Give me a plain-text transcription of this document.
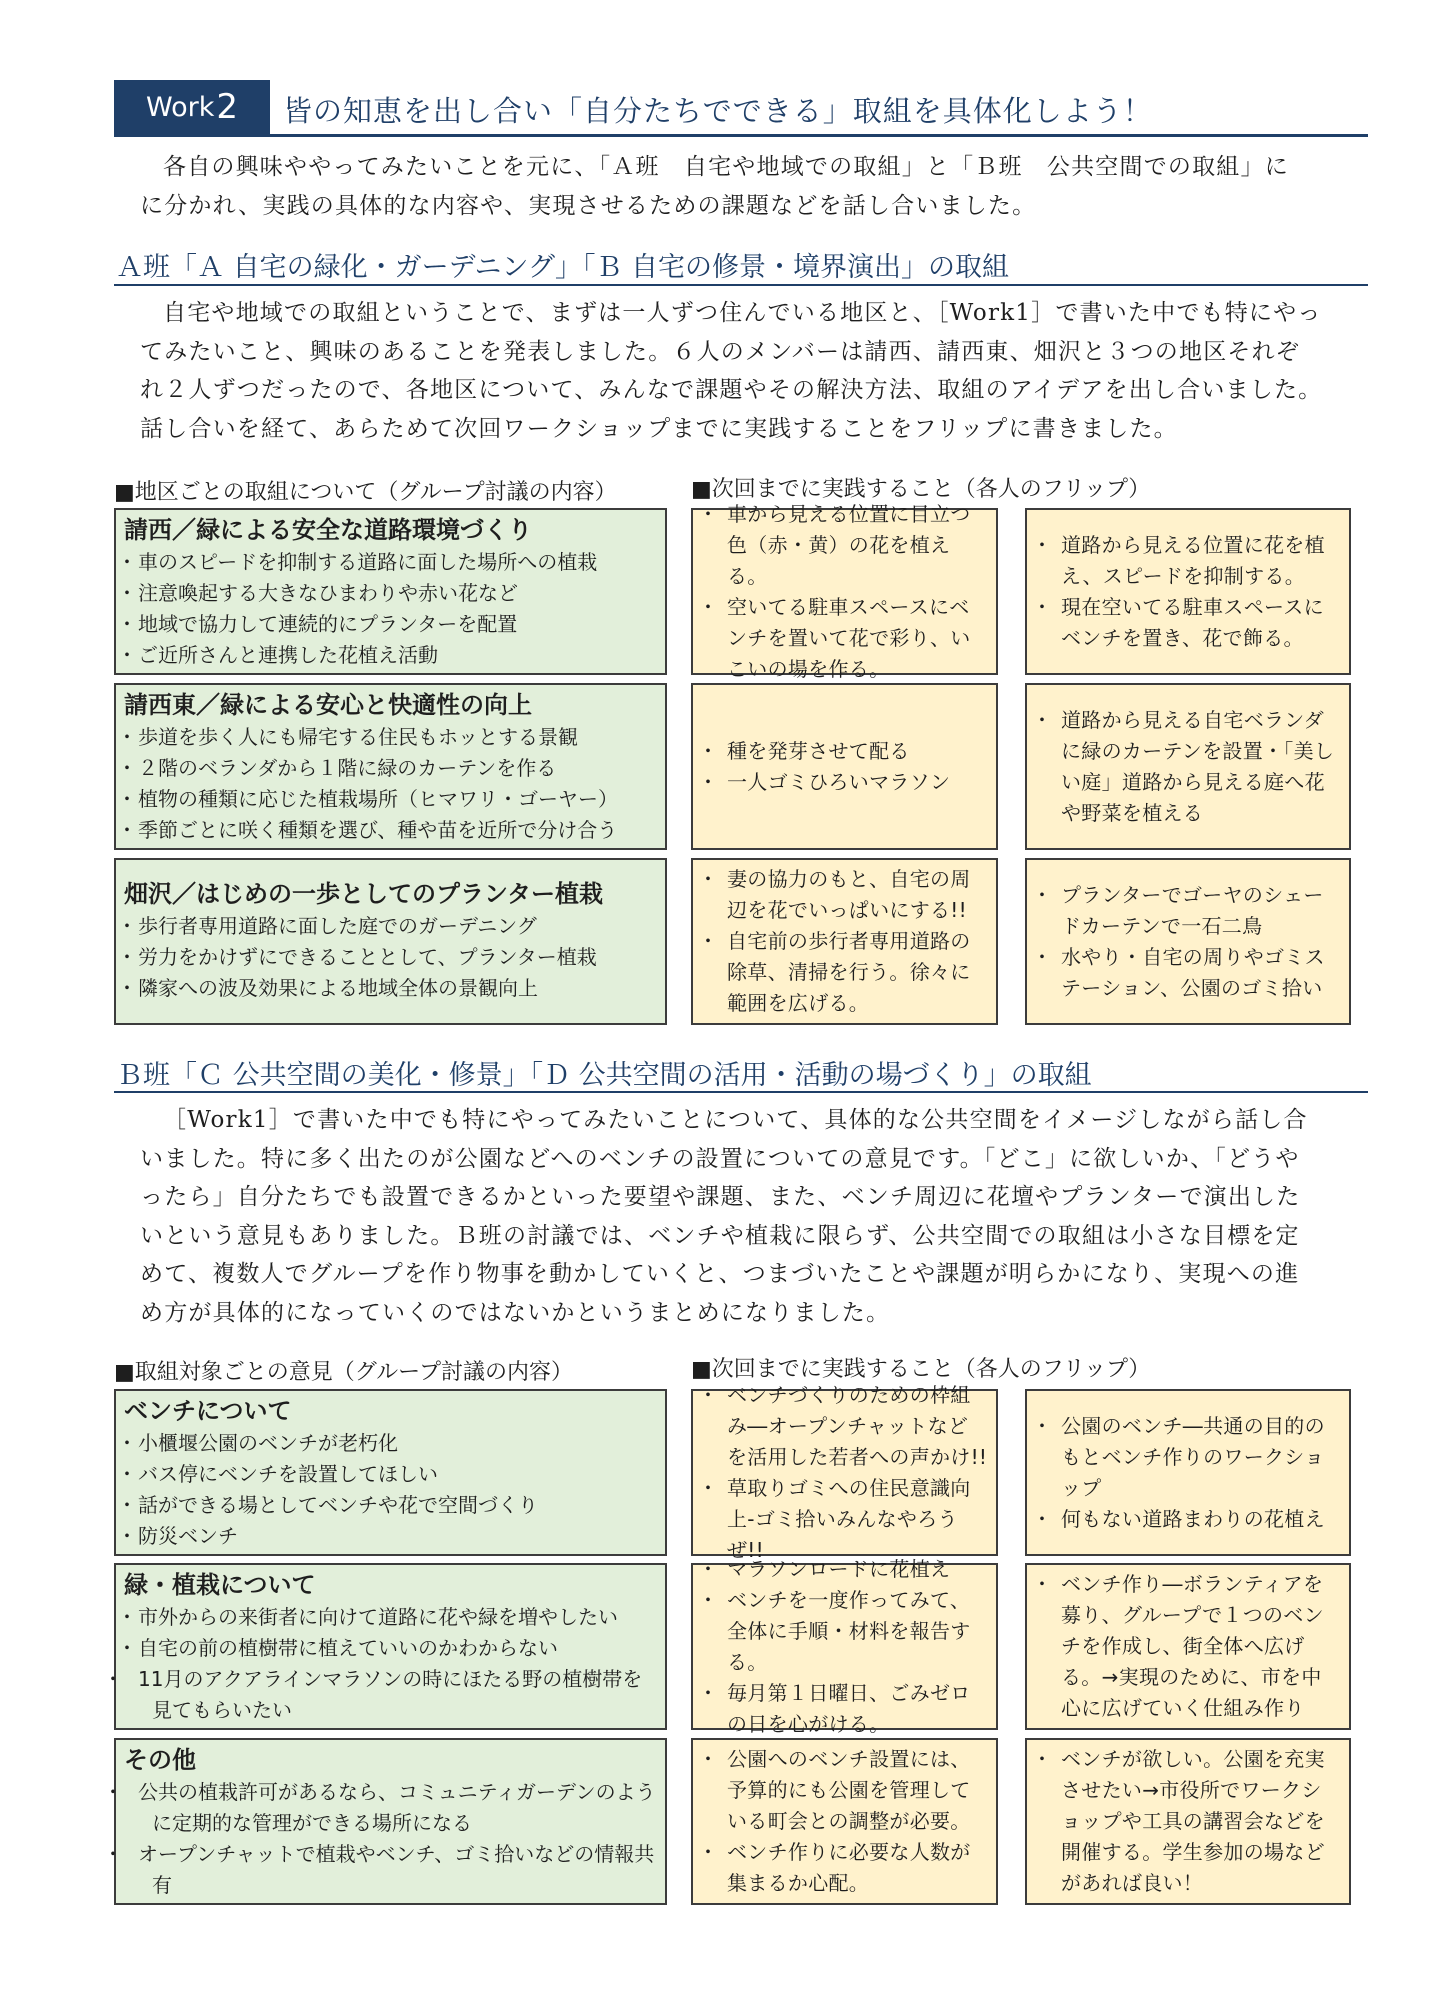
Work 2 皆の知恵を出し合い「自分たちでできる」取組を具体化しよう！

各自の興味ややってみたいことを元に、「Ａ班　自宅や地域での取組」と「Ｂ班　公共空間での取組」に

に分かれ、実践の具体的な内容や、実現させるための課題などを話し合いました。

Ａ班「Ａ 自宅の緑化・ガーデニング」「Ｂ 自宅の修景・境界演出」の取組

自宅や地域での取組ということで、まずは一人ずつ住んでいる地区と、［Work1］で書いた中でも特にやっ

てみたいこと、興味のあることを発表しました。６人のメンバーは請西、請西東、畑沢と３つの地区それぞ

れ２人ずつだったので、各地区について、みんなで課題やその解決方法、取組のアイデアを出し合いました。

話し合いを経て、あらためて次回ワークショップまでに実践することをフリップに書きました。

■地区ごとの取組について（グループ討議の内容）	■次回までに実践すること（各人のフリップ）
請西／緑による安全な道路環境づくり
・ 車のスピードを抑制する道路に面した場所への植栽
・ 注意喚起する大きなひまわりや赤い花など
・ 地域で協力して連続的にプランターを配置
・ ご近所さんと連携した花植え活動
・ 車から見える位置に目立つ色（赤・黄）の花を植える。
・ 空いてる駐車スペースにベンチを置いて花で彩り、いこいの場を作る。
・ 道路から見える位置に花を植え、スピードを抑制する。
・ 現在空いてる駐車スペースにベンチを置き、花で飾る。
請西東／緑による安心と快適性の向上
・ 歩道を歩く人にも帰宅する住民もホッとする景観
・ ２階のベランダから１階に緑のカーテンを作る
・ 植物の種類に応じた植栽場所（ヒマワリ・ゴーヤー）
・ 季節ごとに咲く種類を選び、種や苗を近所で分け合う
・ 種を発芽させて配る
・ 一人ゴミひろいマラソン
・ 道路から見える自宅ベランダに緑のカーテンを設置・「美しい庭」道路から見える庭へ花や野菜を植える
畑沢／はじめの一歩としてのプランター植栽
・ 歩行者専用道路に面した庭でのガーデニング
・ 労力をかけずにできることとして、プランター植栽
・ 隣家への波及効果による地域全体の景観向上
・ 妻の協力のもと、自宅の周辺を花でいっぱいにする!!
・ 自宅前の歩行者専用道路の除草、清掃を行う。徐々に範囲を広げる。
・ プランターでゴーヤのシェードカーテンで一石二鳥
・ 水やり・自宅の周りやゴミステーション、公園のゴミ拾い
Ｂ班「Ｃ 公共空間の美化・修景」「Ｄ 公共空間の活用・活動の場づくり」の取組

［Work1］で書いた中でも特にやってみたいことについて、具体的な公共空間をイメージしながら話し合

いました。特に多く出たのが公園などへのベンチの設置についての意見です。「どこ」に欲しいか、「どうや

ったら」自分たちでも設置できるかといった要望や課題、また、ベンチ周辺に花壇やプランターで演出した

いという意見もありました。Ｂ班の討議では、ベンチや植栽に限らず、公共空間での取組は小さな目標を定

めて、複数人でグループを作り物事を動かしていくと、つまづいたことや課題が明らかになり、実現への進

め方が具体的になっていくのではないかというまとめになりました。

■取組対象ごとの意見（グループ討議の内容）	■次回までに実践すること（各人のフリップ）
ベンチについて
・ 小櫃堰公園のベンチが老朽化
・ バス停にベンチを設置してほしい
・ 話ができる場としてベンチや花で空間づくり
・ 防災ベンチ
・ ベンチづくりのための枠組み―オープンチャットなどを活用した若者への声かけ!!
・ 草取りゴミへの住民意識向上-ゴミ拾いみんなやろうぜ!!
・ 公園のベンチ―共通の目的のもとベンチ作りのワークショップ
・ 何もない道路まわりの花植え
緑・植栽について
・ 市外からの来街者に向けて道路に花や緑を増やしたい
・ 自宅の前の植樹帯に植えていいのかわからない
・ 11月のアクアラインマラソンの時にほたる野の植樹帯を見てもらいたい
・ マラソンロードに花植え
・ ベンチを一度作ってみて、全体に手順・材料を報告する。
・ 毎月第１日曜日、ごみゼロの日を心がける。
・ ベンチ作り―ボランティアを募り、グループで１つのベンチを作成し、街全体へ広げる。→実現のために、市を中心に広げていく仕組み作り
その他
・ 公共の植栽許可があるなら、コミュニティガーデンのように定期的な管理ができる場所になる
・ オープンチャットで植栽やベンチ、ゴミ拾いなどの情報共有
・ 公園へのベンチ設置には、予算的にも公園を管理している町会との調整が必要。
・ ベンチ作りに必要な人数が集まるか心配。
・ ベンチが欲しい。公園を充実させたい→市役所でワークショップや工具の講習会などを開催する。学生参加の場などがあれば良い！
